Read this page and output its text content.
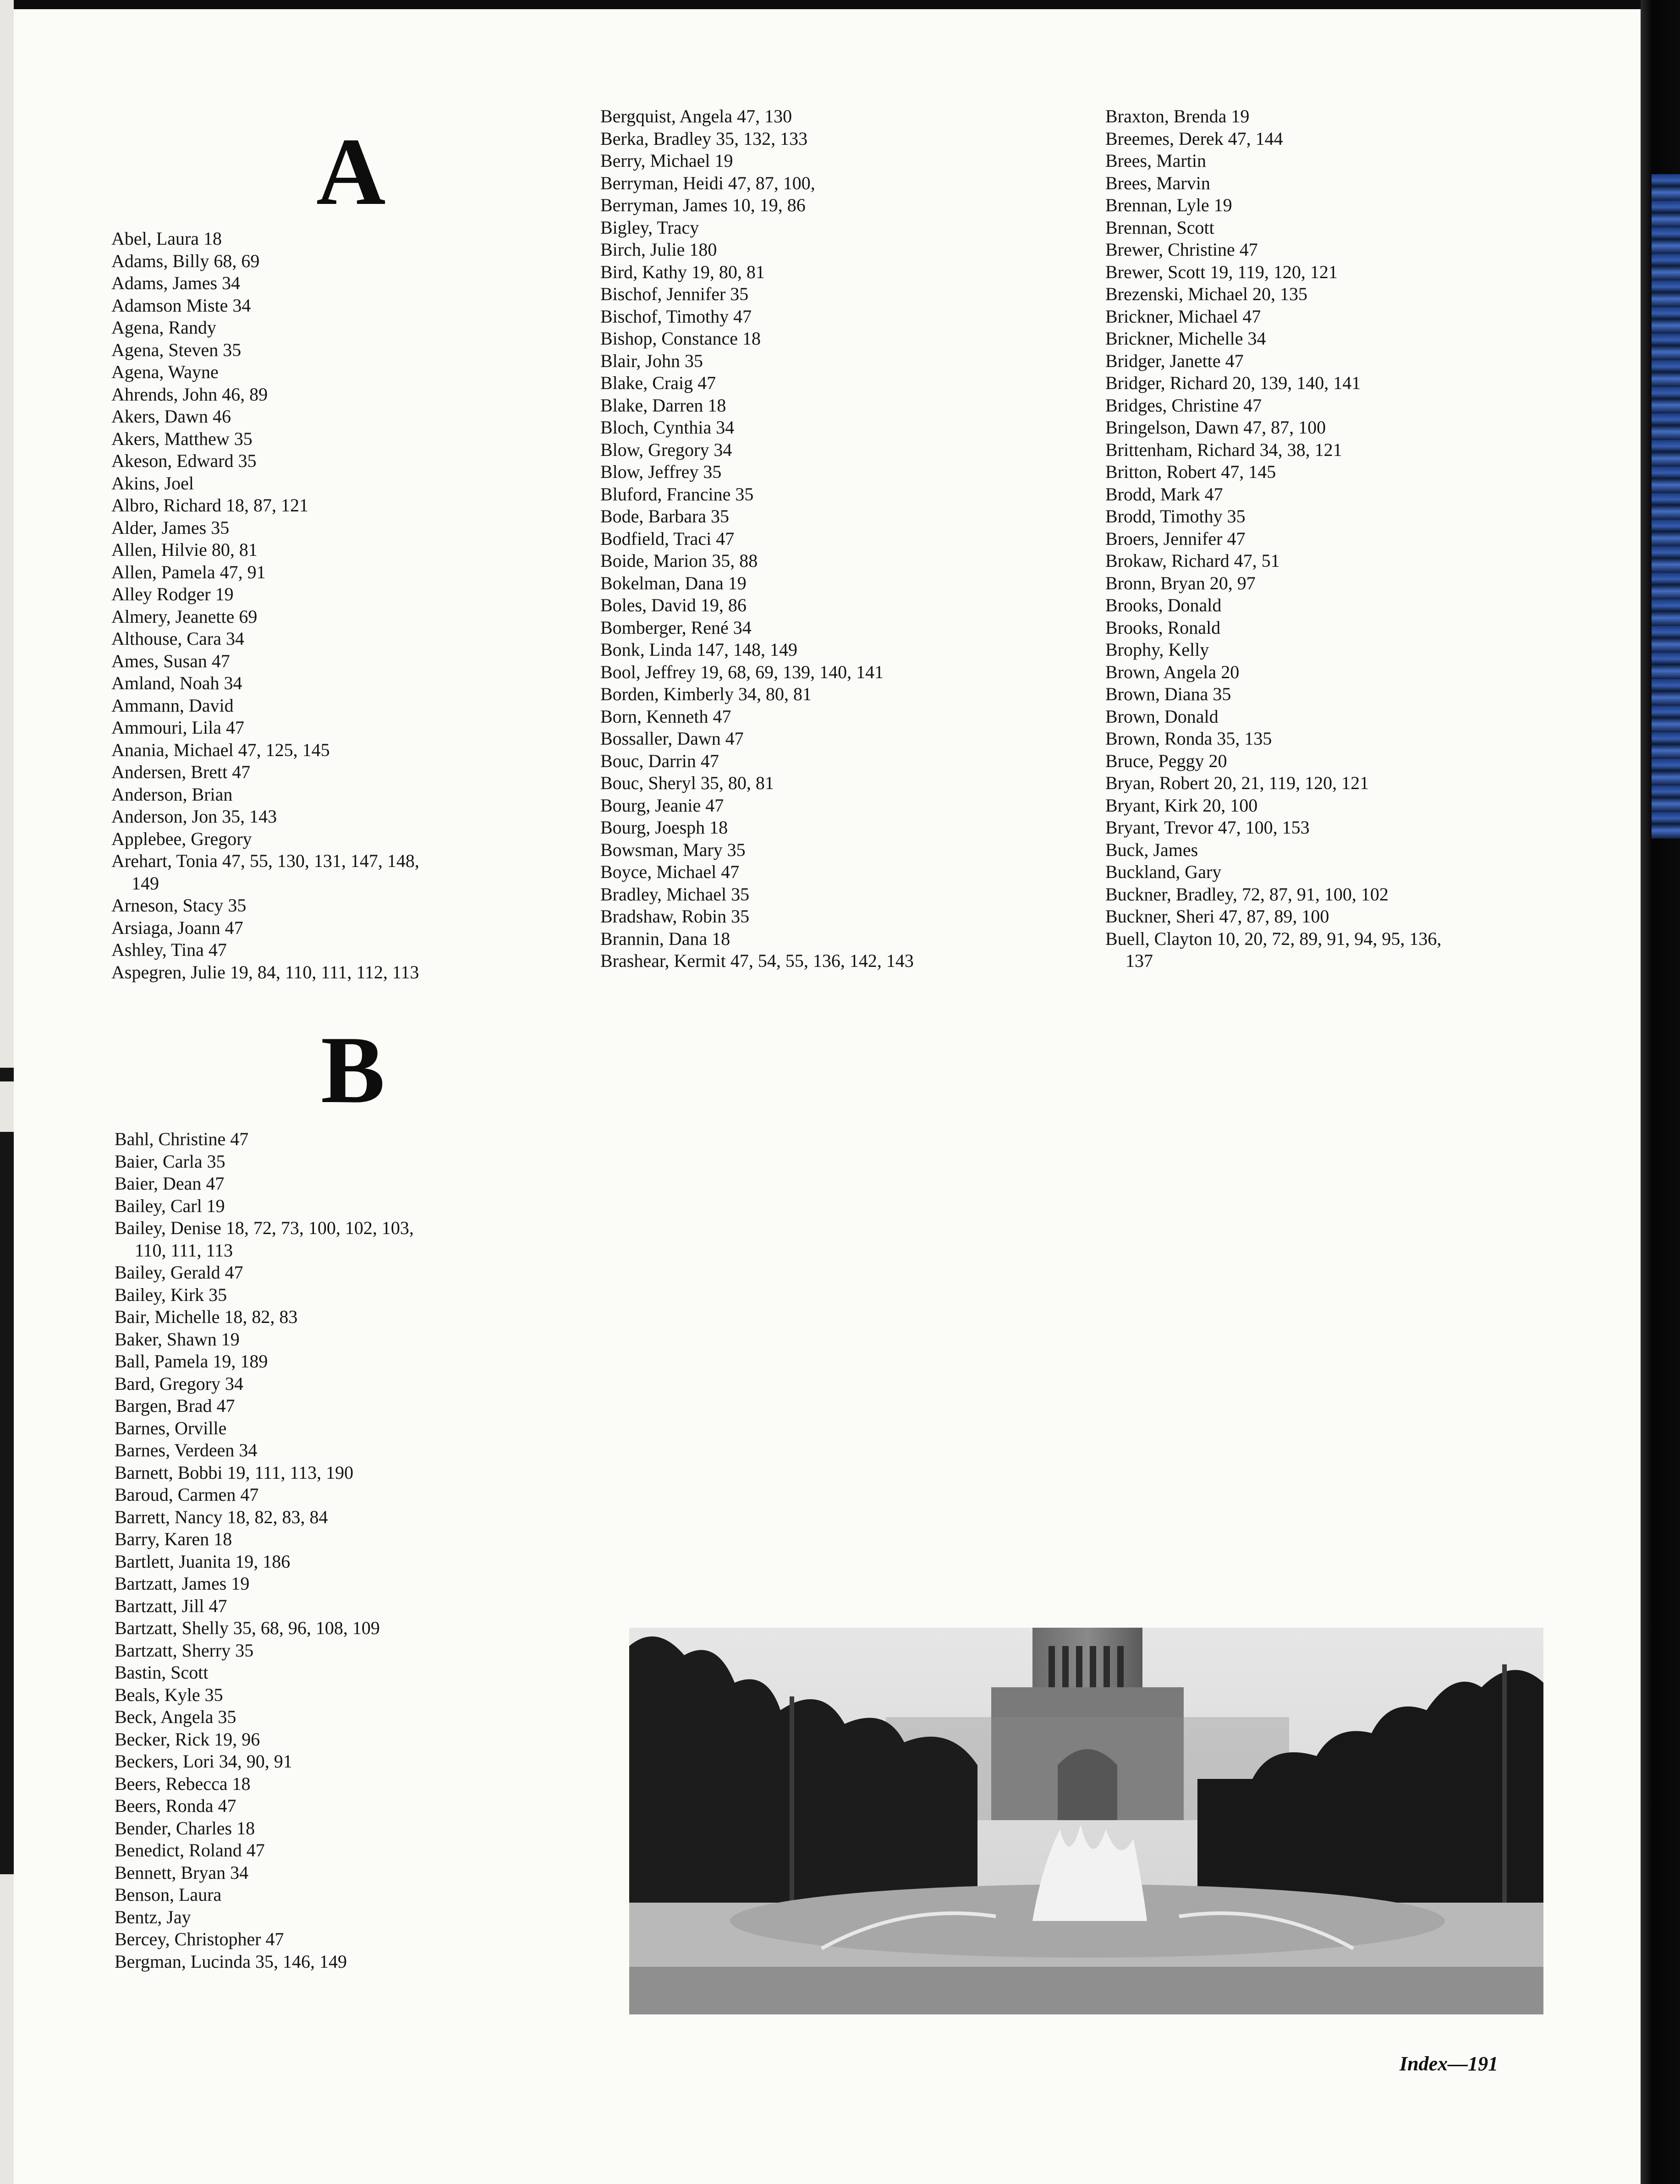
A

Abel, Laura 18

Adams, Billy 68, 69

Adams, James 34

Adamson Miste 34

Agena, Randy

Agena, Steven 35

Agena, Wayne

Ahrends, John 46, 89

Akers, Dawn 46

Akers, Matthew 35

Akeson, Edward 35

Akins, Joel

Albro, Richard 18, 87, 121

Alder, James 35

Allen, Hilvie 80, 81

Allen, Pamela 47, 91

Alley Rodger 19

Almery, Jeanette 69

Althouse, Cara 34

Ames, Susan 47

Amland, Noah 34

Ammann, David

Ammouri, Lila 47

Anania, Michael 47, 125, 145

Andersen, Brett 47

Anderson, Brian

Anderson, Jon 35, 143

Applebee, Gregory

Arehart, Tonia 47, 55, 130, 131, 147, 148, 149

Arneson, Stacy 35

Arsiaga, Joann 47

Ashley, Tina 47

Aspegren, Julie 19, 84, 110, 111, 112, 113

B

Bahl, Christine 47

Baier, Carla 35

Baier, Dean 47

Bailey, Carl 19

Bailey, Denise 18, 72, 73, 100, 102, 103, 110, 111, 113

Bailey, Gerald 47

Bailey, Kirk 35

Bair, Michelle 18, 82, 83

Baker, Shawn 19

Ball, Pamela 19, 189

Bard, Gregory 34

Bargen, Brad 47

Barnes, Orville

Barnes, Verdeen 34

Barnett, Bobbi 19, 111, 113, 190

Baroud, Carmen 47

Barrett, Nancy 18, 82, 83, 84

Barry, Karen 18

Bartlett, Juanita 19, 186

Bartzatt, James 19

Bartzatt, Jill 47

Bartzatt, Shelly 35, 68, 96, 108, 109

Bartzatt, Sherry 35

Bastin, Scott

Beals, Kyle 35

Beck, Angela 35

Becker, Rick 19, 96

Beckers, Lori 34, 90, 91

Beers, Rebecca 18

Beers, Ronda 47

Bender, Charles 18

Benedict, Roland 47

Bennett, Bryan 34

Benson, Laura

Bentz, Jay

Bercey, Christopher 47

Bergman, Lucinda 35, 146, 149

Bergquist, Angela 47, 130

Berka, Bradley 35, 132, 133

Berry, Michael 19

Berryman, Heidi 47, 87, 100,

Berryman, James 10, 19, 86

Bigley, Tracy

Birch, Julie 180

Bird, Kathy 19, 80, 81

Bischof, Jennifer 35

Bischof, Timothy 47

Bishop, Constance 18

Blair, John 35

Blake, Craig 47

Blake, Darren 18

Bloch, Cynthia 34

Blow, Gregory 34

Blow, Jeffrey 35

Bluford, Francine 35

Bode, Barbara 35

Bodfield, Traci 47

Boide, Marion 35, 88

Bokelman, Dana 19

Boles, David 19, 86

Bomberger, René 34

Bonk, Linda 147, 148, 149

Bool, Jeffrey 19, 68, 69, 139, 140, 141

Borden, Kimberly 34, 80, 81

Born, Kenneth 47

Bossaller, Dawn 47

Bouc, Darrin 47

Bouc, Sheryl 35, 80, 81

Bourg, Jeanie 47

Bourg, Joesph 18

Bowsman, Mary 35

Boyce, Michael 47

Bradley, Michael 35

Bradshaw, Robin 35

Brannin, Dana 18

Brashear, Kermit 47, 54, 55, 136, 142, 143

Braxton, Brenda 19

Breemes, Derek 47, 144

Brees, Martin

Brees, Marvin

Brennan, Lyle 19

Brennan, Scott

Brewer, Christine 47

Brewer, Scott 19, 119, 120, 121

Brezenski, Michael 20, 135

Brickner, Michael 47

Brickner, Michelle 34

Bridger, Janette 47

Bridger, Richard 20, 139, 140, 141

Bridges, Christine 47

Bringelson, Dawn 47, 87, 100

Brittenham, Richard 34, 38, 121

Britton, Robert 47, 145

Brodd, Mark 47

Brodd, Timothy 35

Broers, Jennifer 47

Brokaw, Richard 47, 51

Bronn, Bryan 20, 97

Brooks, Donald

Brooks, Ronald

Brophy, Kelly

Brown, Angela 20

Brown, Diana 35

Brown, Donald

Brown, Ronda 35, 135

Bruce, Peggy 20

Bryan, Robert 20, 21, 119, 120, 121

Bryant, Kirk 20, 100

Bryant, Trevor 47, 100, 153

Buck, James

Buckland, Gary

Buckner, Bradley, 72, 87, 91, 100, 102

Buckner, Sheri 47, 87, 89, 100

Buell, Clayton 10, 20, 72, 89, 91, 94, 95, 136, 137

Index—191
